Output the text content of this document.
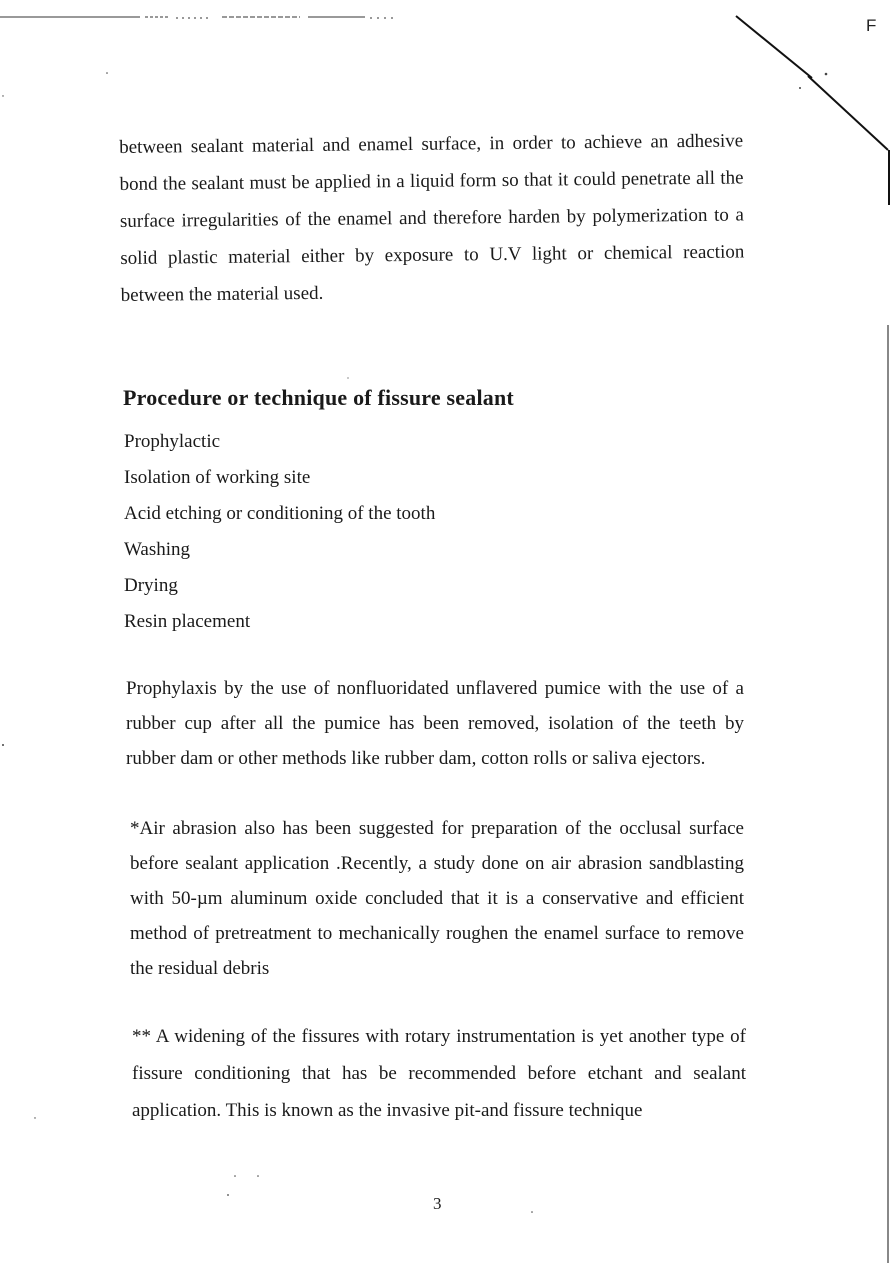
F

between sealant material and enamel surface, in order to achieve an adhesive bond the sealant must be applied in a liquid form so that it could penetrate all the surface irregularities of the enamel and therefore harden by polymerization to a solid plastic material either by exposure to U.V light or chemical reaction between the material used.

Procedure or technique of fissure sealant
Prophylactic
Isolation of working site
Acid etching or conditioning of the tooth
Washing
Drying
Resin placement

Prophylaxis by the use of nonfluoridated unflavered pumice with the use of a rubber cup after all the pumice has been removed, isolation of the teeth by rubber dam or other methods like rubber dam, cotton rolls or saliva ejectors.

*Air abrasion also has been suggested for preparation of the occlusal surface before sealant application .Recently, a study done on air abrasion sandblasting with 50-µm aluminum oxide concluded that it is a conservative and efficient method of pretreatment to mechanically roughen the enamel surface to remove the residual debris

** A widening of the fissures with rotary instrumentation is yet another type of fissure conditioning that has be recommended before etchant and sealant application. This is known as the invasive pit-and fissure technique

3
